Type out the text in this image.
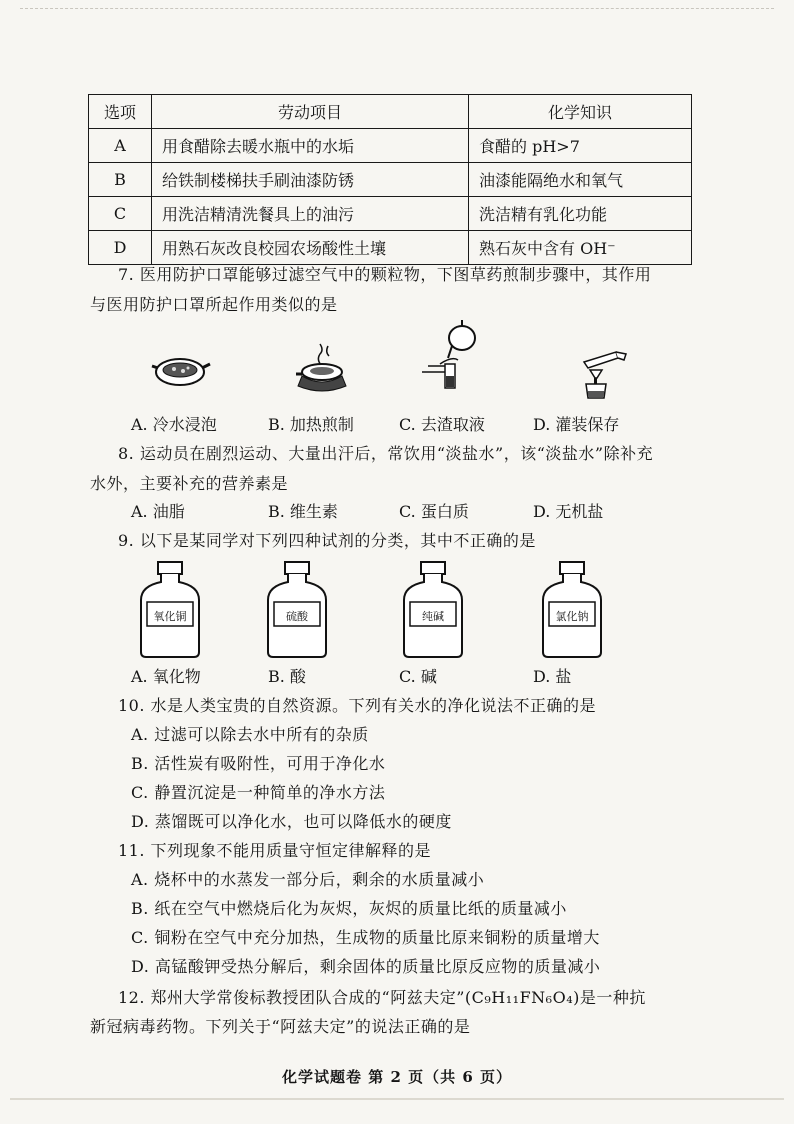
选项	劳动项目	化学知识
A	用食醋除去暖水瓶中的水垢	食醋的 pH>7
B	给铁制楼梯扶手刷油漆防锈	油漆能隔绝水和氧气
C	用洗洁精清洗餐具上的油污	洗洁精有乳化功能
D	用熟石灰改良校园农场酸性土壤	熟石灰中含有 OH⁻
7. 医用防护口罩能够过滤空气中的颗粒物，下图草药煎制步骤中，其作用
与医用防护口罩所起作用类似的是
A. 冷水浸泡	B. 加热煎制	C. 去渣取液	D. 灌装保存
8. 运动员在剧烈运动、大量出汗后，常饮用“淡盐水”，该“淡盐水”除补充
水外，主要补充的营养素是
A. 油脂	B. 维生素	C. 蛋白质	D. 无机盐
9. 以下是某同学对下列四种试剂的分类，其中不正确的是
氧化铜	硫酸	纯碱	氯化钠
A. 氧化物	B. 酸	C. 碱	D. 盐
10. 水是人类宝贵的自然资源。下列有关水的净化说法不正确的是
A. 过滤可以除去水中所有的杂质
B. 活性炭有吸附性，可用于净化水
C. 静置沉淀是一种简单的净水方法
D. 蒸馏既可以净化水，也可以降低水的硬度
11. 下列现象不能用质量守恒定律解释的是
A. 烧杯中的水蒸发一部分后，剩余的水质量减小
B. 纸在空气中燃烧后化为灰烬，灰烬的质量比纸的质量减小
C. 铜粉在空气中充分加热，生成物的质量比原来铜粉的质量增大
D. 高锰酸钾受热分解后，剩余固体的质量比原反应物的质量减小
12. 郑州大学常俊标教授团队合成的“阿兹夫定”(C₉H₁₁FN₆O₄)是一种抗
新冠病毒药物。下列关于“阿兹夫定”的说法正确的是
化学试题卷 第 2 页（共 6 页）
